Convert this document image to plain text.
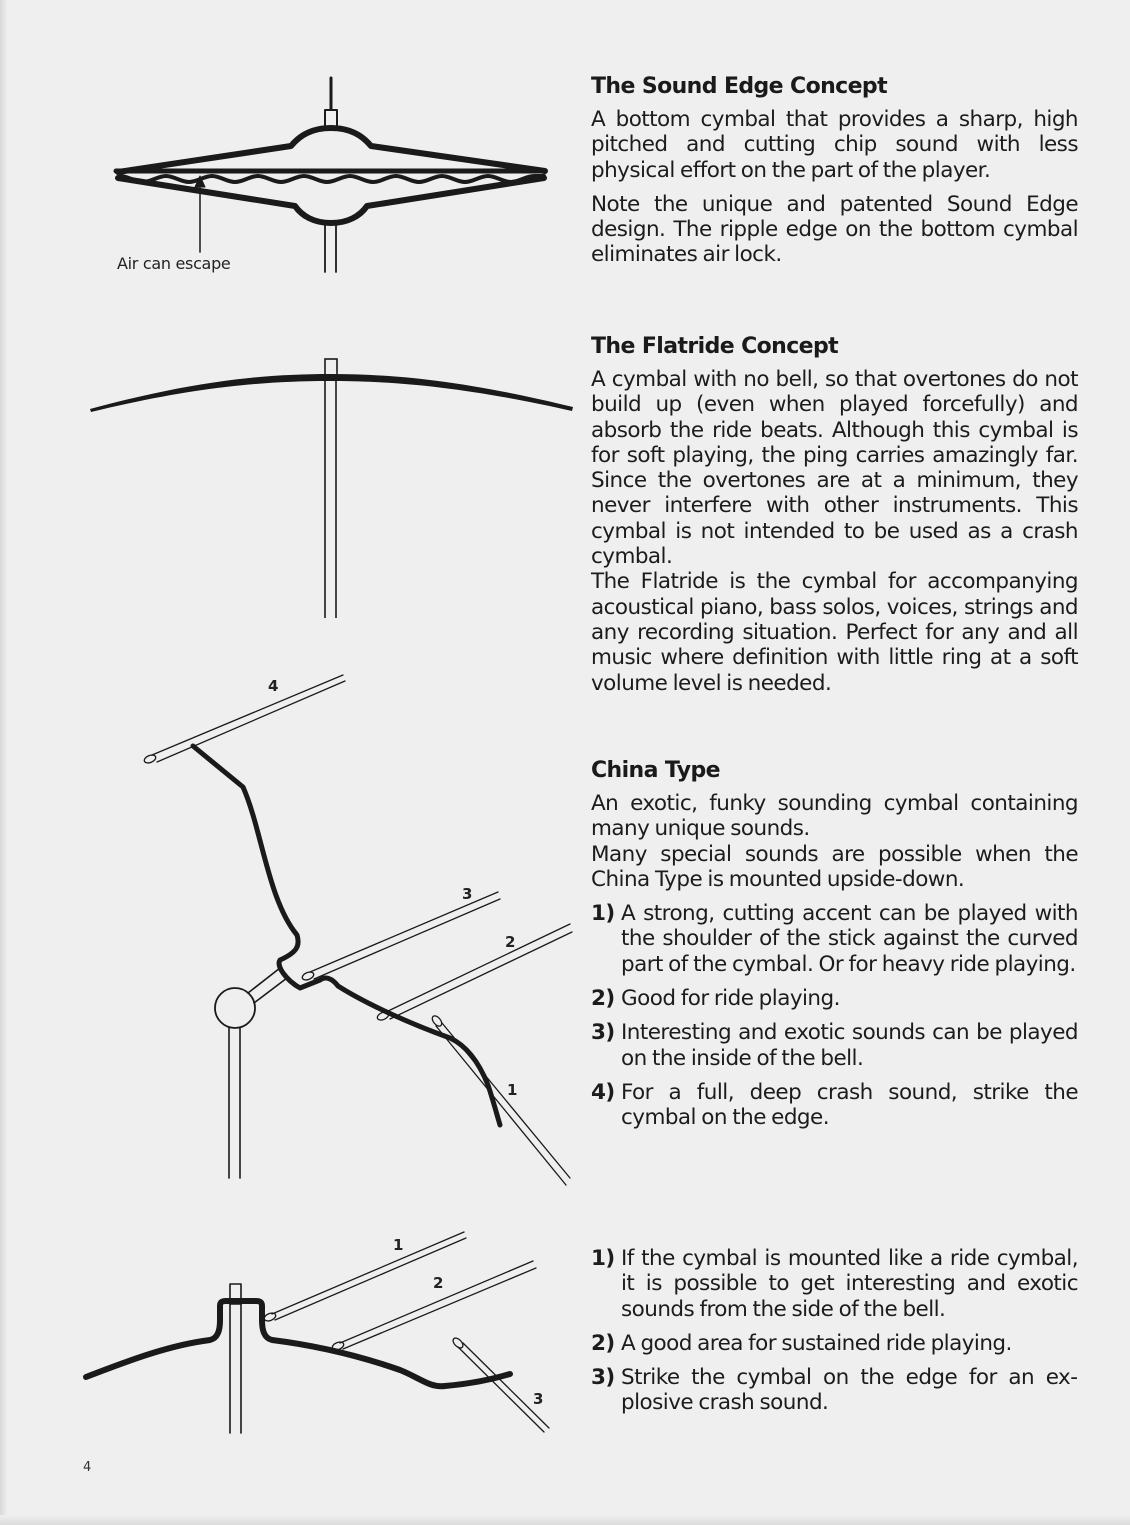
Air can escape
4
3
2
1
1
2
3
The Sound Edge Concept

A bottom cymbal that provides a sharp, high pitched and cutting chip sound with less physical effort on the part of the player.

Note the unique and patented Sound Edge design. The ripple edge on the bottom cymbal eliminates air lock.

The Flatride Concept

A cymbal with no bell, so that overtones do not build up (even when played forcefully) and absorb the ride beats. Although this cymbal is for soft playing, the ping carries amazingly far. Since the overtones are at a minimum, they never interfere with other instruments. This cymbal is not intended to be used as a crash cymbal.

The Flatride is the cymbal for accompanying acoustical piano, bass solos, voices, strings and any recording situation. Perfect for any and all music where definition with little ring at a soft volume level is needed.

China Type

An exotic, funky sounding cymbal containing many unique sounds.

Many special sounds are possible when the China Type is mounted upside-down.

1) A strong, cutting accent can be played with the shoulder of the stick against the curved part of the cymbal. Or for heavy ride playing.
2) Good for ride playing.
3) Interesting and exotic sounds can be played on the inside of the bell.
4) For a full, deep crash sound, strike the cymbal on the edge.
1) If the cymbal is mounted like a ride cymbal, it is possible to get interesting and exotic sounds from the side of the bell.
2) A good area for sustained ride playing.
3) Strike the cymbal on the edge for an explosive crash sound.
4
